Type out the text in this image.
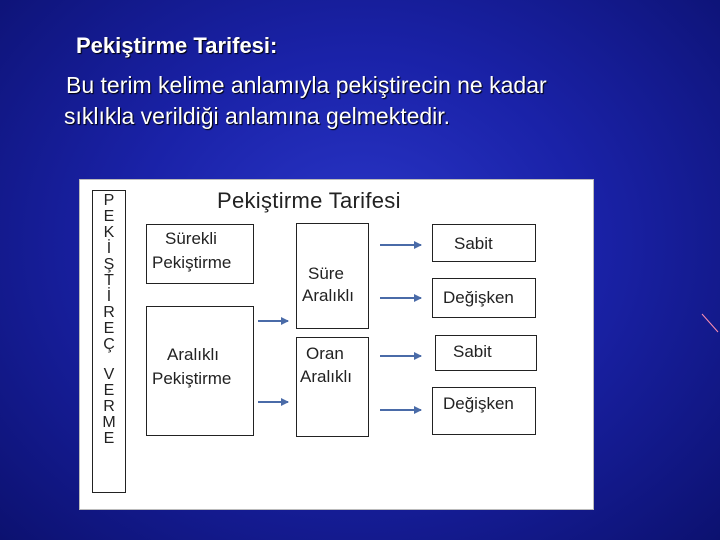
Pekiştirme Tarifesi:
Bu terim kelime anlamıyla pekiştirecin ne kadar
sıklıkla verildiği anlamına gelmektedir.
P
E
K
İ
Ş
T
İ
R
E
Ç
V
E
R
M
E
Pekiştirme Tarifesi
Sürekli
Pekiştirme
Aralıklı
Pekiştirme
Süre
Aralıklı
Oran
Aralıklı
Sabit
Değişken
Sabit
Değişken
